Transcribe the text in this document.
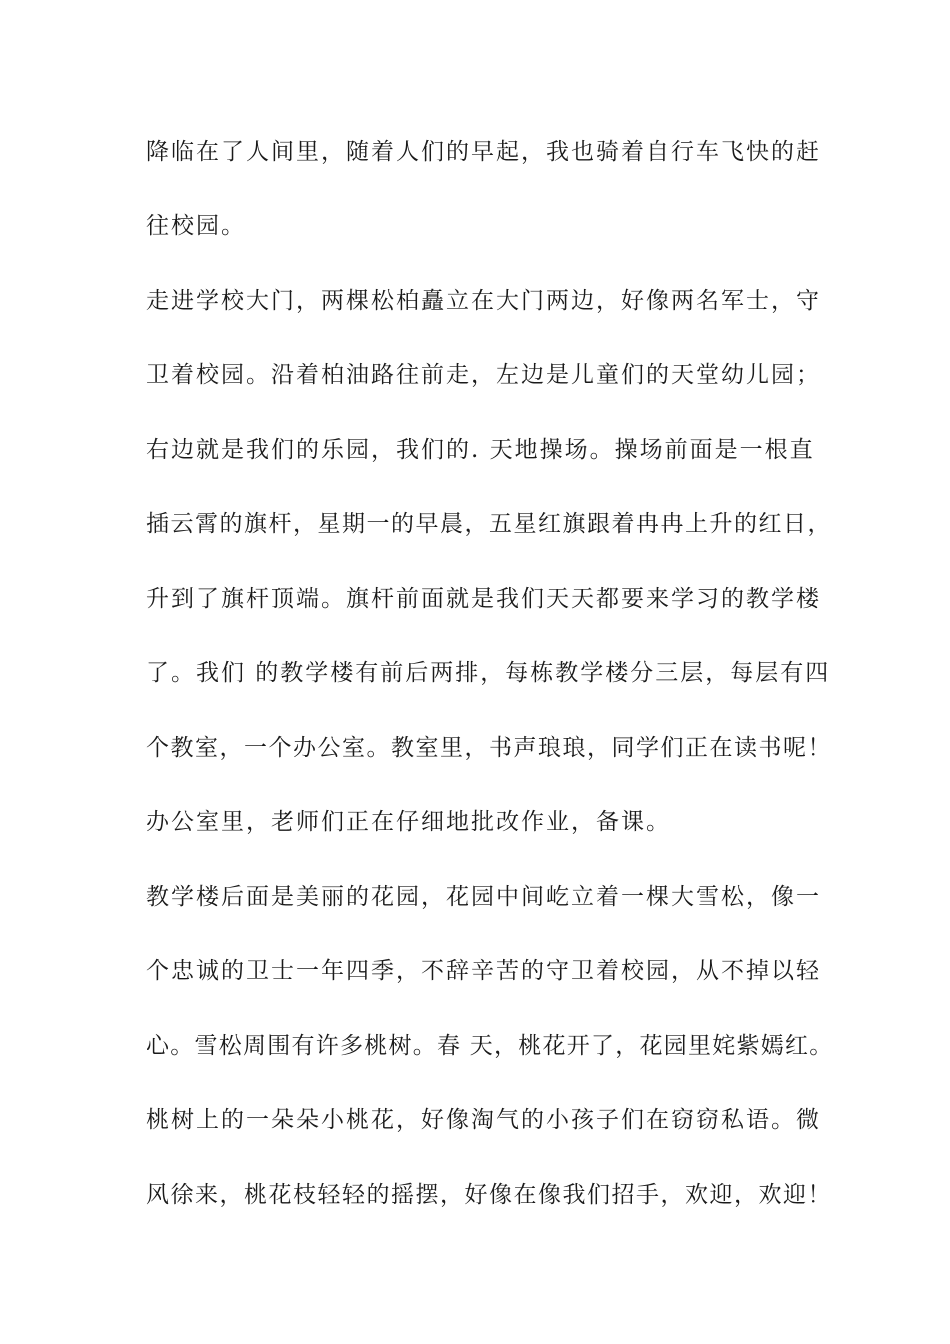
降临在了人间里，随着人们的早起，我也骑着自行车飞快的赶
往校园。
走进学校大门，两棵松柏矗立在大门两边，好像两名军士，守
卫着校园。沿着柏油路往前走，左边是儿童们的天堂幼儿园；
右边就是我们的乐园，我们的. 天地操场。操场前面是一根直
插云霄的旗杆，星期一的早晨，五星红旗跟着冉冉上升的红日，
升到了旗杆顶端。旗杆前面就是我们天天都要来学习的教学楼
了。我们 的教学楼有前后两排，每栋教学楼分三层，每层有四
个教室，一个办公室。教室里，书声琅琅，同学们正在读书呢！
办公室里，老师们正在仔细地批改作业，备课。
教学楼后面是美丽的花园，花园中间屹立着一棵大雪松，像一
个忠诚的卫士一年四季，不辞辛苦的守卫着校园，从不掉以轻
心。雪松周围有许多桃树。春 天，桃花开了，花园里姹紫嫣红。
桃树上的一朵朵小桃花，好像淘气的小孩子们在窃窃私语。微
风徐来，桃花枝轻轻的摇摆，好像在像我们招手，欢迎，欢迎！
